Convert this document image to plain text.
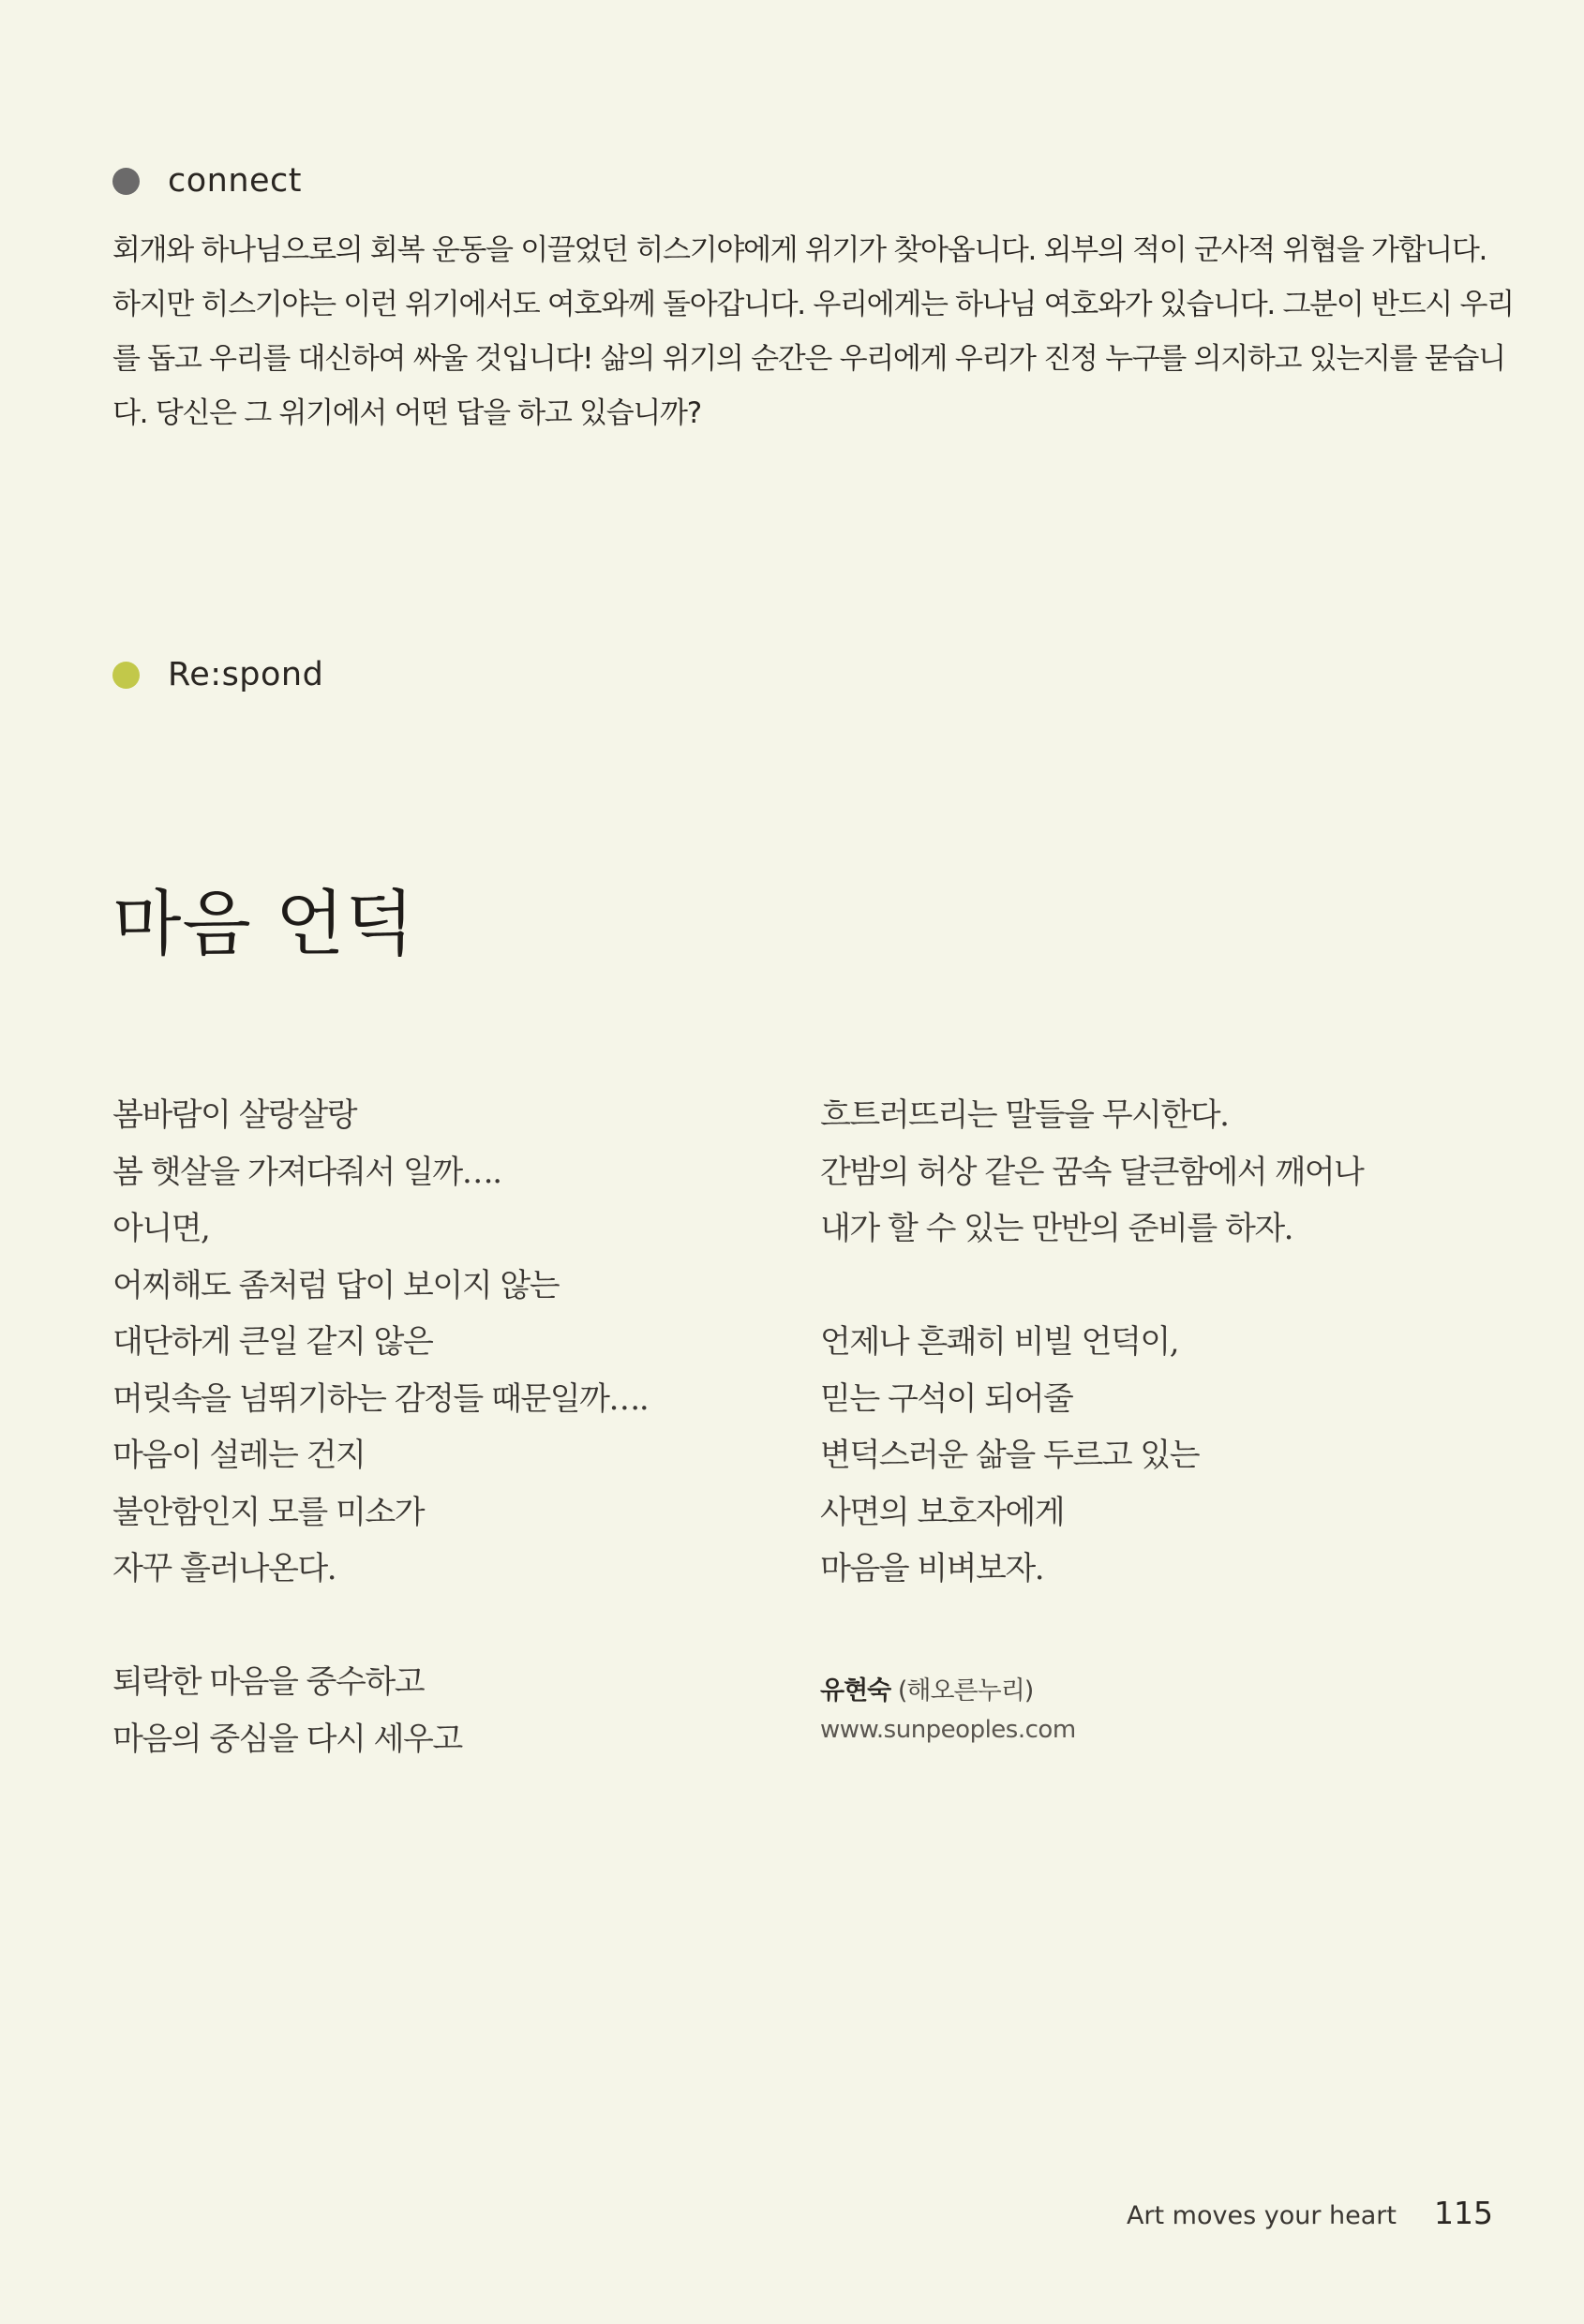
connect

회개와 하나님으로의 회복 운동을 이끌었던 히스기야에게 위기가 찾아옵니다. 외부의 적이 군사적 위협을 가합니다.

하지만 히스기야는 이런 위기에서도 여호와께 돌아갑니다. 우리에게는 하나님 여호와가 있습니다. 그분이 반드시 우리

를 돕고 우리를 대신하여 싸울 것입니다! 삶의 위기의 순간은 우리에게 우리가 진정 누구를 의지하고 있는지를 묻습니

다. 당신은 그 위기에서 어떤 답을 하고 있습니까?

Re:spond
마음 언덕

봄바람이 살랑살랑

봄 햇살을 가져다줘서 일까….

아니면,

어찌해도 좀처럼 답이 보이지 않는

대단하게 큰일 같지 않은

머릿속을 넘뛰기하는 감정들 때문일까….

마음이 설레는 건지

불안함인지 모를 미소가

자꾸 흘러나온다.

퇴락한 마음을 중수하고

마음의 중심을 다시 세우고

흐트러뜨리는 말들을 무시한다.

간밤의 허상 같은 꿈속 달큰함에서 깨어나

내가 할 수 있는 만반의 준비를 하자.

언제나 흔쾌히 비빌 언덕이,

믿는 구석이 되어줄

변덕스러운 삶을 두르고 있는

사면의 보호자에게

마음을 비벼보자.

유현숙 (해오른누리)
www.sunpeoples.com
Art moves your heart 115
